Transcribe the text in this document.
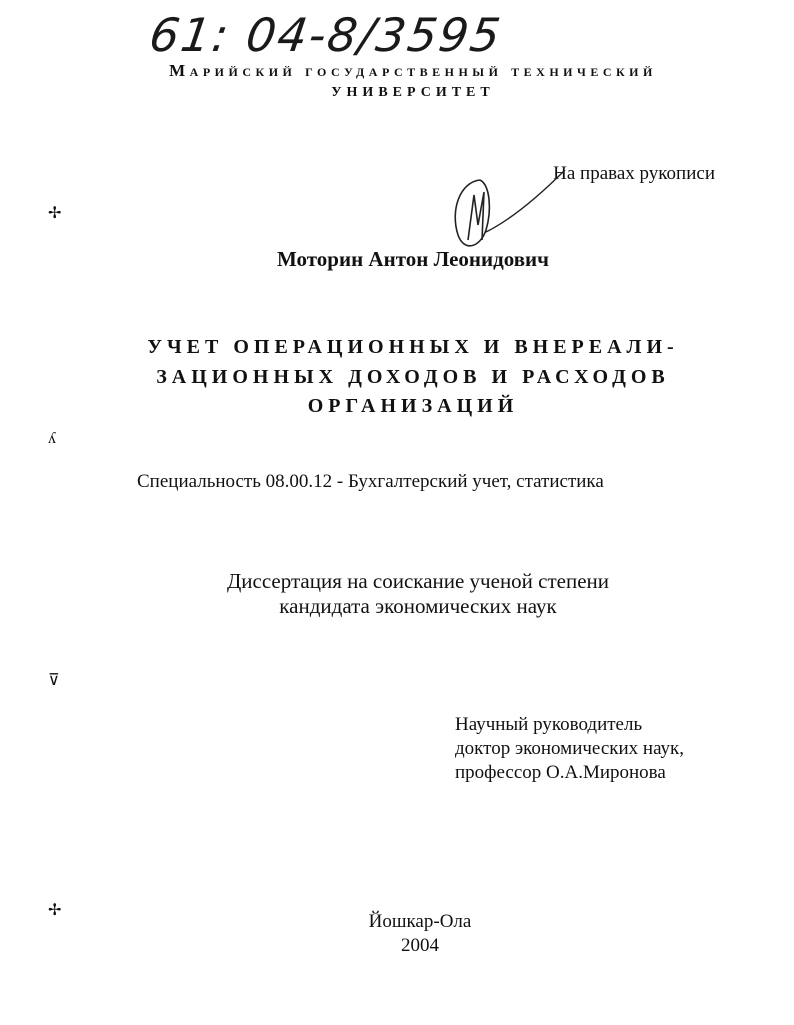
61: 04-8/3595
Марийский государственный технический
УНИВЕРСИТЕТ
На правах рукописи
Моторин Антон Леонидович
УЧЕТ ОПЕРАЦИОННЫХ И ВНЕРЕАЛИ-
ЗАЦИОННЫХ ДОХОДОВ И РАСХОДОВ
ОРГАНИЗАЦИЙ
Специальность 08.00.12 - Бухгалтерский учет, статистика
Диссертация на соискание ученой степени
кандидата экономических наук
Научный руководитель
доктор экономических наук,
профессор О.А.Миронова
Йошкар-Ола
2004
✢
ʎ
⊽
✢
